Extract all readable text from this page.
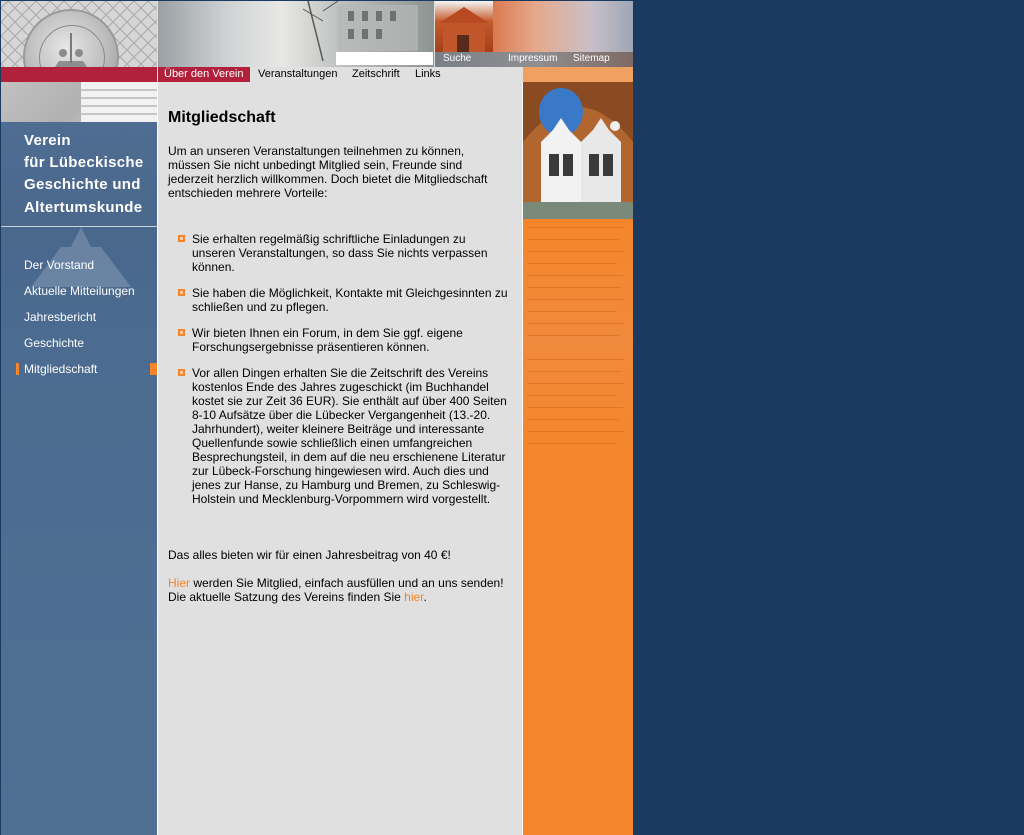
Suche	Impressum Sitemap
Über den Verein	Veranstaltungen Zeitschrift Links
Verein
für Lübeckische
Geschichte und
Altertumskunde
Der Vorstand
Aktuelle Mitteilungen
Jahresbericht
Geschichte
Mitgliedschaft
Mitgliedschaft

Um an unseren Veranstaltungen teilnehmen zu können, müssen Sie nicht unbedingt Mitglied sein, Freunde sind jederzeit herzlich willkommen. Doch bietet die Mitgliedschaft entschieden mehrere Vorteile:

Sie erhalten regelmäßig schriftliche Einladungen zu unseren Veranstaltungen, so dass Sie nichts verpassen können.

Sie haben die Möglichkeit, Kontakte mit Gleichgesinnten zu schließen und zu pflegen.

Wir bieten Ihnen ein Forum, in dem Sie ggf. eigene Forschungsergebnisse präsentieren können.

Vor allen Dingen erhalten Sie die Zeitschrift des Vereins kostenlos Ende des Jahres zugeschickt (im Buchhandel kostet sie zur Zeit 36 EUR). Sie enthält auf über 400 Seiten 8-10 Aufsätze über die Lübecker Vergangenheit (13.-20. Jahrhundert), weiter kleinere Beiträge und interessante Quellenfunde sowie schließlich einen umfangreichen Besprechungsteil, in dem auf die neu erschienene Literatur zur Lübeck-Forschung hingewiesen wird. Auch dies und jenes zur Hanse, zu Hamburg und Bremen, zu Schleswig-Holstein und Mecklenburg-Vorpommern wird vorgestellt.

Das alles bieten wir für einen Jahresbeitrag von 40 €!

Hier werden Sie Mitglied, einfach ausfüllen und an uns senden!
Die aktuelle Satzung des Vereins finden Sie hier.
